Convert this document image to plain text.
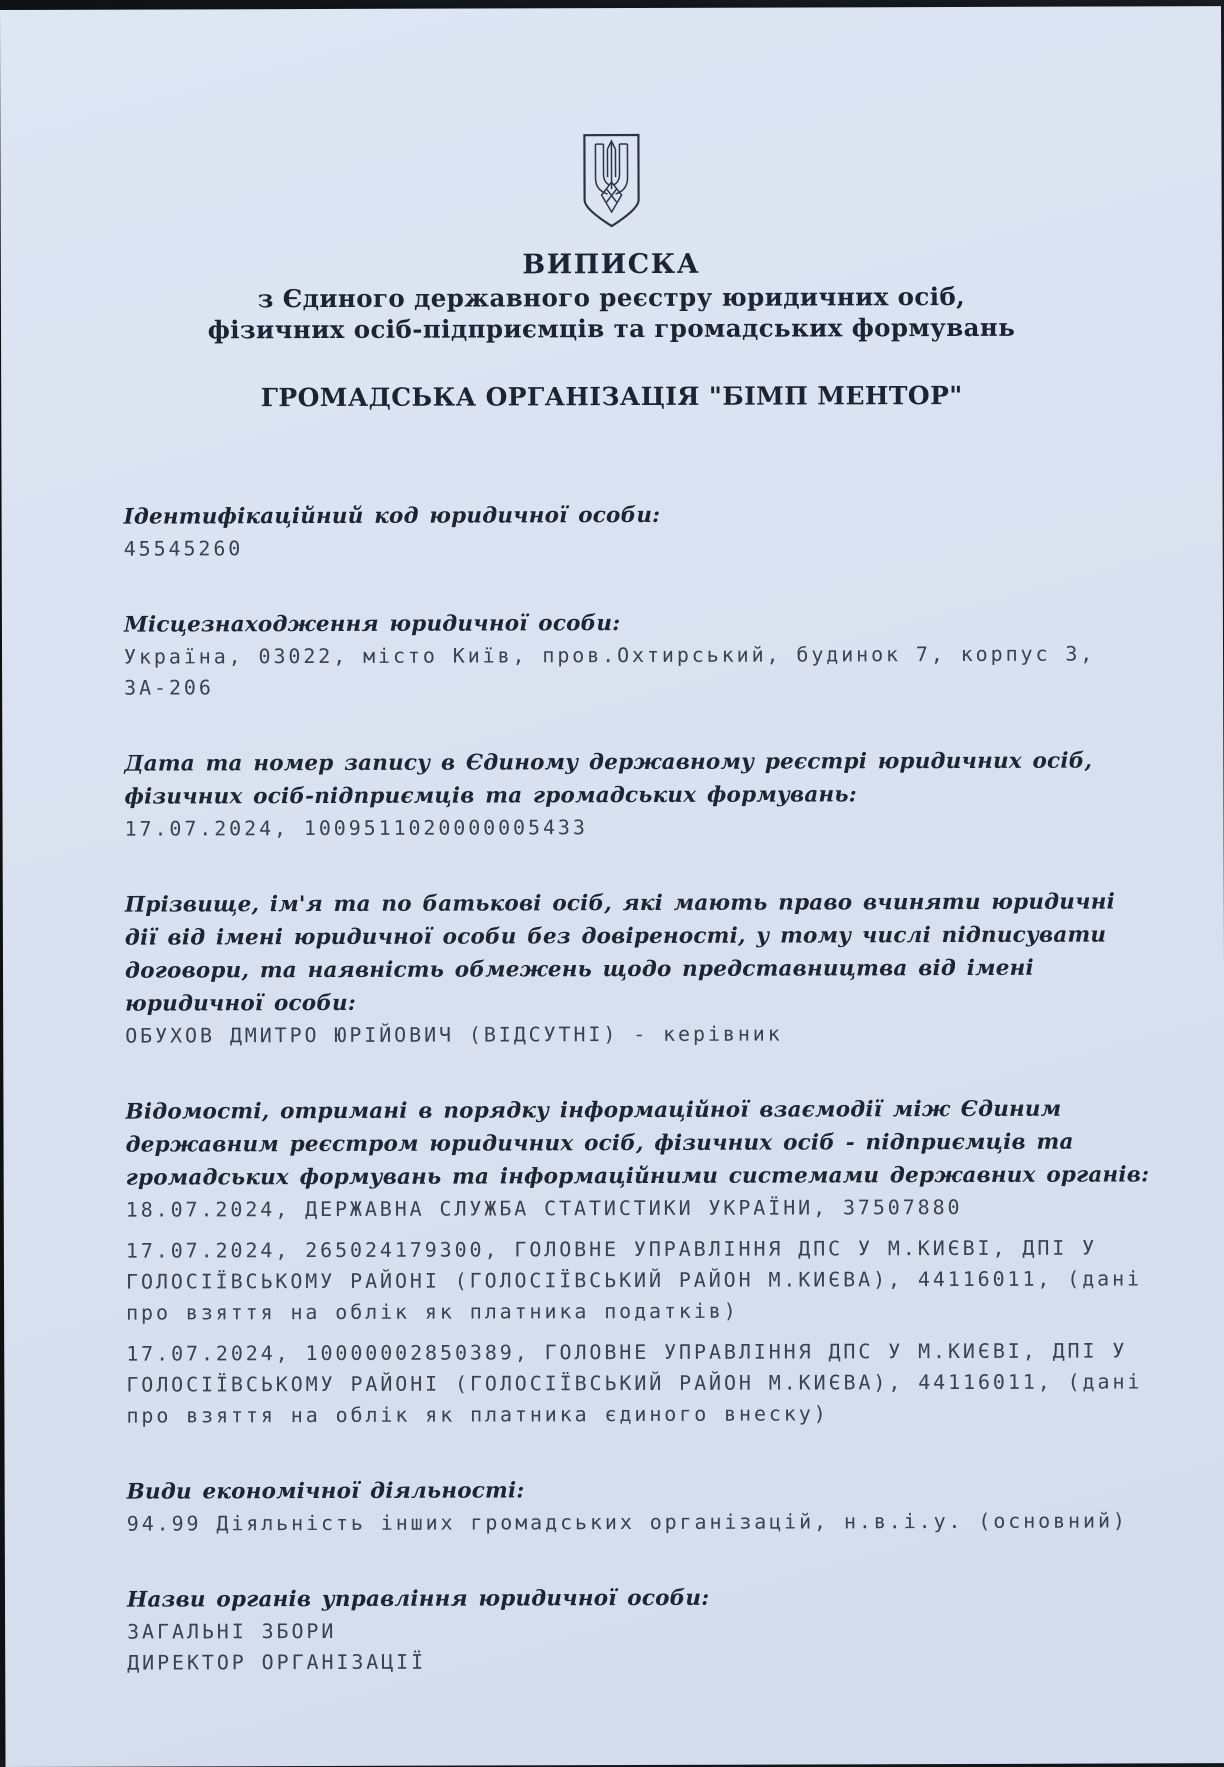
ВИПИСКА
з Єдиного державного реєстру юридичних осіб,
фізичних осіб-підприємців та громадських формувань
ГРОМАДСЬКА ОРГАНІЗАЦІЯ "БІМП МЕНТОР"
Ідентифікаційний код юридичної особи:

45545260

Місцезнаходження юридичної особи:

Україна, 03022, місто Київ, пров.Охтирський, будинок 7, корпус 3, 3А-206

Дата та номер запису в Єдиному державному реєстрі юридичних осіб, фізичних осіб-підприємців та громадських формувань:

17.07.2024, 1009511020000005433

Прізвище, ім'я та по батькові осіб, які мають право вчиняти юридичні дії від імені юридичної особи без довіреності, у тому числі підписувати договори, та наявність обмежень щодо представництва від імені юридичної особи:

ОБУХОВ ДМИТРО ЮРІЙОВИЧ (ВІДСУТНІ) - керівник

Відомості, отримані в порядку інформаційної взаємодії між Єдиним державним реєстром юридичних осіб, фізичних осіб - підприємців та громадських формувань та інформаційними системами державних органів:

18.07.2024, ДЕРЖАВНА СЛУЖБА СТАТИСТИКИ УКРАЇНИ, 37507880

17.07.2024, 265024179300, ГОЛОВНЕ УПРАВЛІННЯ ДПС У М.КИЄВІ, ДПІ У ГОЛОСІЇВСЬКОМУ РАЙОНІ (ГОЛОСІЇВСЬКИЙ РАЙОН М.КИЄВА), 44116011, (дані про взяття на облік як платника податків)

17.07.2024, 10000002850389, ГОЛОВНЕ УПРАВЛІННЯ ДПС У М.КИЄВІ, ДПІ У ГОЛОСІЇВСЬКОМУ РАЙОНІ (ГОЛОСІЇВСЬКИЙ РАЙОН М.КИЄВА), 44116011, (дані про взяття на облік як платника єдиного внеску)

Види економічної діяльності:

94.99 Діяльність інших громадських організацій, н.в.і.у. (основний)

Назви органів управління юридичної особи:

ЗАГАЛЬНІ ЗБОРИ

ДИРЕКТОР ОРГАНІЗАЦІЇ
